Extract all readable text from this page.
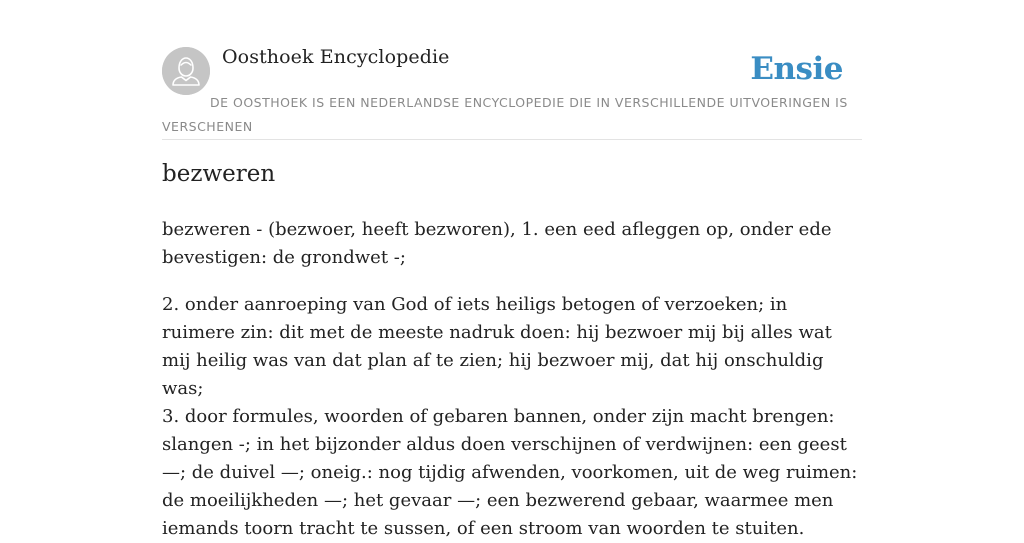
Oosthoek Encyclopedie	Ensie
DE OOSTHOEK IS EEN NEDERLANDSE ENCYCLOPEDIE DIE IN VERSCHILLENDE UITVOERINGEN IS VERSCHENEN
bezweren

bezweren - (bezwoer, heeft bezworen), 1. een eed afleggen op, onder ede bevestigen: de grondwet -;

2. onder aanroeping van God of iets heiligs betogen of verzoeken; in ruimere zin: dit met de meeste nadruk doen: hij bezwoer mij bij alles wat mij heilig was van dat plan af te zien; hij bezwoer mij, dat hij onschuldig was;

3. door formules, woorden of gebaren bannen, onder zijn macht brengen: slangen -; in het bijzonder aldus doen verschijnen of verdwijnen: een geest —; de duivel —; oneig.: nog tijdig afwenden, voorkomen, uit de weg ruimen: de moeilijkheden —; het gevaar —; een bezwerend gebaar, waarmee men iemands toorn tracht te sussen, of een stroom van woorden te stuiten.
